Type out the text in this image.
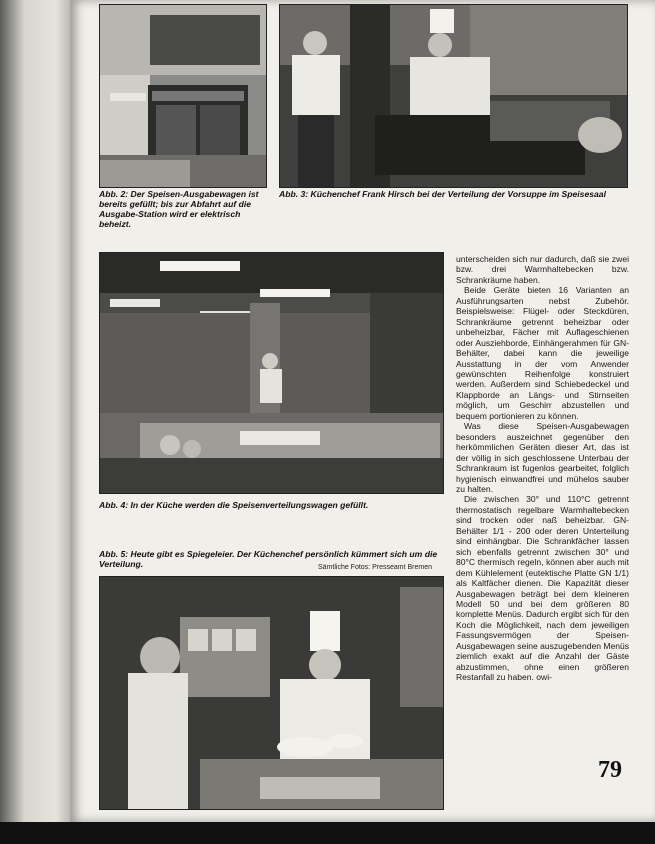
Abb. 2: Der Speisen-Ausgabewagen ist bereits gefüllt; bis zur Abfahrt auf die Ausgabe-Station wird er elektrisch beheizt.
Abb. 3: Küchenchef Frank Hirsch bei der Verteilung der Vorsuppe im Speisesaal
Abb. 4: In der Küche werden die Speisenverteilungswagen gefüllt.
Abb. 5: Heute gibt es Spiegeleier. Der Küchenchef persönlich kümmert sich um die Verteilung.	Sämtliche Fotos: Presseamt Bremen

unterscheiden sich nur dadurch, daß sie zwei bzw. drei Warmhaltebecken bzw. Schrankräume haben.

Beide Geräte bieten 16 Varianten an Ausführungsarten nebst Zubehör. Beispielsweise: Flügel- oder Steckdüren, Schrankräume getrennt beheizbar oder unbeheizbar, Fächer mit Auflageschienen oder Ausziehborde, Einhängerahmen für GN-Behälter, dabei kann die jeweilige Ausstattung in der vom Anwender gewünschten Reihenfolge konstruiert werden. Außerdem sind Schiebedeckel und Klappborde an Längs- und Stirnseiten möglich, um Geschirr abzustellen und bequem portionieren zu können.

Was diese Speisen-Ausgabewagen besonders auszeichnet gegenüber den herkömmlichen Geräten dieser Art, das ist der völlig in sich geschlossene Unterbau der Schrankraum ist fugenlos gearbeitet, folglich hygienisch einwandfrei und mühelos sauber zu halten.

Die zwischen 30° und 110°C getrennt thermostatisch regelbare Warmhaltebecken sind trocken oder naß beheizbar. GN-Behälter 1/1 - 200 oder deren Unterteilung sind einhängbar. Die Schrankfächer lassen sich ebenfalls getrennt zwischen 30° und 80°C thermisch regeln, können aber auch mit dem Kühlelement (eutektische Platte GN 1/1) als Kaltfächer dienen. Die Kapazität dieser Ausgabewagen beträgt bei dem kleineren Modell 50 und bei dem größeren 80 komplette Menüs. Dadurch ergibt sich für den Koch die Möglichkeit, nach dem jeweiligen Fassungsvermögen der Speisen-Ausgabewagen seine auszugebenden Menüs ziemlich exakt auf die Anzahl der Gäste abzustimmen, ohne einen größeren Restanfall zu haben. owi-

79
